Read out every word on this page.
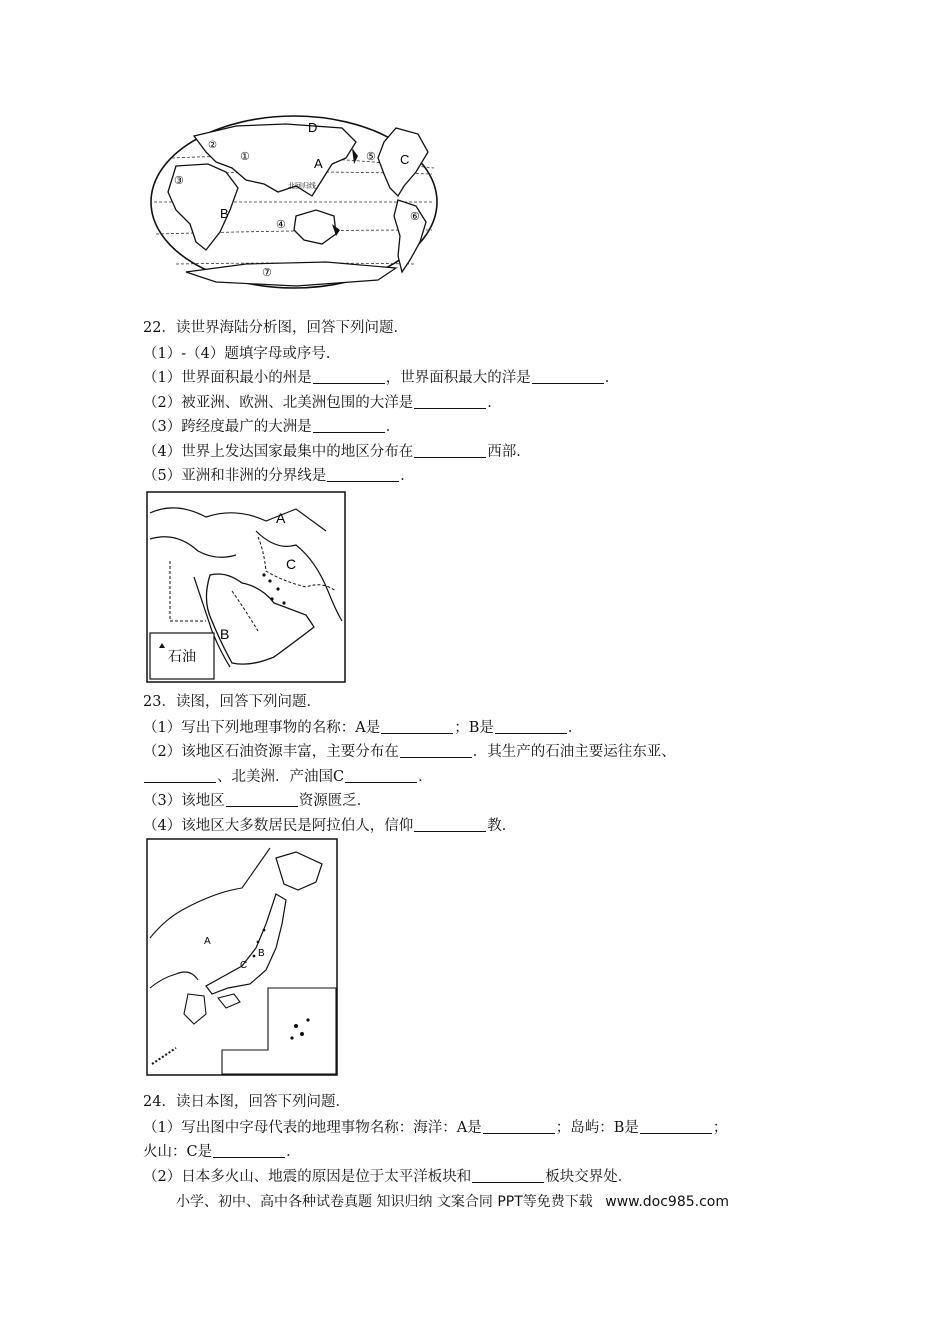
D
A	C
B
①
②
③
④
⑤
⑥
⑦
北回归线

22．读世界海陆分析图，回答下列问题．

（1）-（4）题填字母或序号．

（1）世界面积最小的州是	，世界面积最大的洋是	．

（2）被亚洲、欧洲、北美洲包围的大洋是	．

（3）跨经度最广的大洲是	．

（4）世界上发达国家最集中的地区分布在	西部．

（5）亚洲和非洲的分界线是	．

A
C
B
石油

23．读图，回答下列问题．

（1）写出下列地理事物的名称：A是	；B是	．

（2）该地区石油资源丰富，主要分布在	．其生产的石油主要运往东亚、

、北美洲．产油国C	．

（3）该地区	资源匮乏．

（4）该地区大多数居民是阿拉伯人，信仰	教．

A
B
C

24．读日本图，回答下列问题．

（1）写出图中字母代表的地理事物名称：海洋：A是	；岛屿：B是	；

火山：C是	．

（2）日本多火山、地震的原因是位于太平洋板块和	板块交界处．

小学、初中、高中各种试卷真题 知识归纳 文案合同 PPT等免费下载 www.doc985.com
